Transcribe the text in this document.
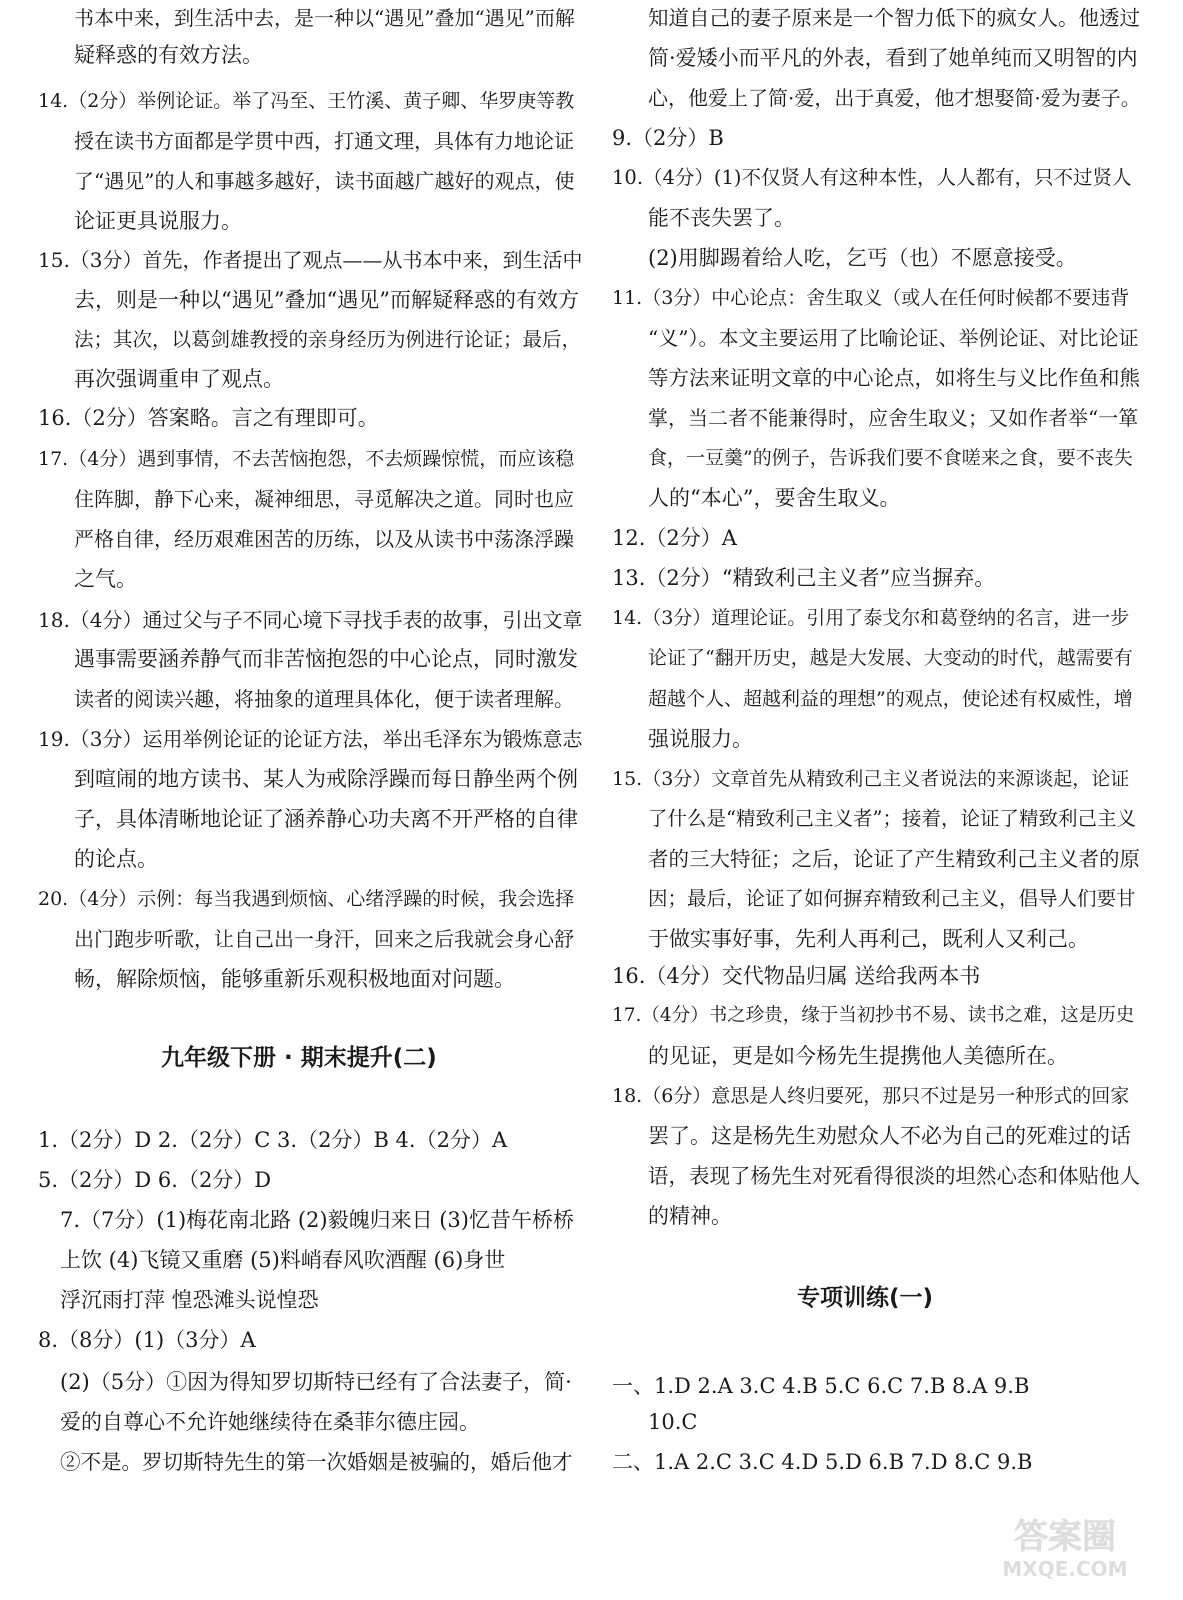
书本中来，到生活中去，是一种以“遇见”叠加“遇见”而解
疑释惑的有效方法。
14.（2分）举例论证。举了冯至、王竹溪、黄子卿、华罗庚等教
授在读书方面都是学贯中西，打通文理，具体有力地论证
了“遇见”的人和事越多越好，读书面越广越好的观点，使
论证更具说服力。
15.（3分）首先，作者提出了观点——从书本中来，到生活中
去，则是一种以“遇见”叠加“遇见”而解疑释惑的有效方
法；其次，以葛剑雄教授的亲身经历为例进行论证；最后，
再次强调重申了观点。
16.（2分）答案略。言之有理即可。
17.（4分）遇到事情，不去苦恼抱怨，不去烦躁惊慌，而应该稳
住阵脚，静下心来，凝神细思，寻觅解决之道。同时也应
严格自律，经历艰难困苦的历练，以及从读书中荡涤浮躁
之气。
18.（4分）通过父与子不同心境下寻找手表的故事，引出文章
遇事需要涵养静气而非苦恼抱怨的中心论点，同时激发
读者的阅读兴趣，将抽象的道理具体化，便于读者理解。
19.（3分）运用举例论证的论证方法，举出毛泽东为锻炼意志
到喧闹的地方读书、某人为戒除浮躁而每日静坐两个例
子，具体清晰地论证了涵养静心功夫离不开严格的自律
的论点。
20.（4分）示例：每当我遇到烦恼、心绪浮躁的时候，我会选择
出门跑步听歌，让自己出一身汗，回来之后我就会身心舒
畅，解除烦恼，能够重新乐观积极地面对问题。
九年级下册 · 期末提升(二)
1.（2分）D 2.（2分）C 3.（2分）B 4.（2分）A
5.（2分）D 6.（2分）D
7.（7分）(1)梅花南北路 (2)毅魄归来日 (3)忆昔午桥桥
上饮 (4)飞镜又重磨 (5)料峭春风吹酒醒 (6)身世
浮沉雨打萍 惶恐滩头说惶恐
8.（8分）(1)（3分）A
(2)（5分）①因为得知罗切斯特已经有了合法妻子，简·
爱的自尊心不允许她继续待在桑菲尔德庄园。
②不是。罗切斯特先生的第一次婚姻是被骗的，婚后他才
知道自己的妻子原来是一个智力低下的疯女人。他透过
简·爱矮小而平凡的外表，看到了她单纯而又明智的内
心，他爱上了简·爱，出于真爱，他才想娶简·爱为妻子。
9.（2分）B
10.（4分）(1)不仅贤人有这种本性，人人都有，只不过贤人
能不丧失罢了。
(2)用脚踢着给人吃，乞丐（也）不愿意接受。
11.（3分）中心论点：舍生取义（或人在任何时候都不要违背
“义”）。本文主要运用了比喻论证、举例论证、对比论证
等方法来证明文章的中心论点，如将生与义比作鱼和熊
掌，当二者不能兼得时，应舍生取义；又如作者举“一箪
食，一豆羹”的例子，告诉我们要不食嗟来之食，要不丧失
人的“本心”，要舍生取义。
12.（2分）A
13.（2分）“精致利己主义者”应当摒弃。
14.（3分）道理论证。引用了泰戈尔和葛登纳的名言，进一步
论证了“翻开历史，越是大发展、大变动的时代，越需要有
超越个人、超越利益的理想”的观点，使论述有权威性，增
强说服力。
15.（3分）文章首先从精致利己主义者说法的来源谈起，论证
了什么是“精致利己主义者”；接着，论证了精致利己主义
者的三大特征；之后，论证了产生精致利己主义者的原
因；最后，论证了如何摒弃精致利己主义，倡导人们要甘
于做实事好事，先利人再利己，既利人又利己。
16.（4分）交代物品归属 送给我两本书
17.（4分）书之珍贵，缘于当初抄书不易、读书之难，这是历史
的见证，更是如今杨先生提携他人美德所在。
18.（6分）意思是人终归要死，那只不过是另一种形式的回家
罢了。这是杨先生劝慰众人不必为自己的死难过的话
语，表现了杨先生对死看得很淡的坦然心态和体贴他人
的精神。
专项训练(一)
一、1.D 2.A 3.C 4.B 5.C 6.C 7.B 8.A 9.B
10.C
二、1.A 2.C 3.C 4.D 5.D 6.B 7.D 8.C 9.B
答案圈
MXQE.COM
